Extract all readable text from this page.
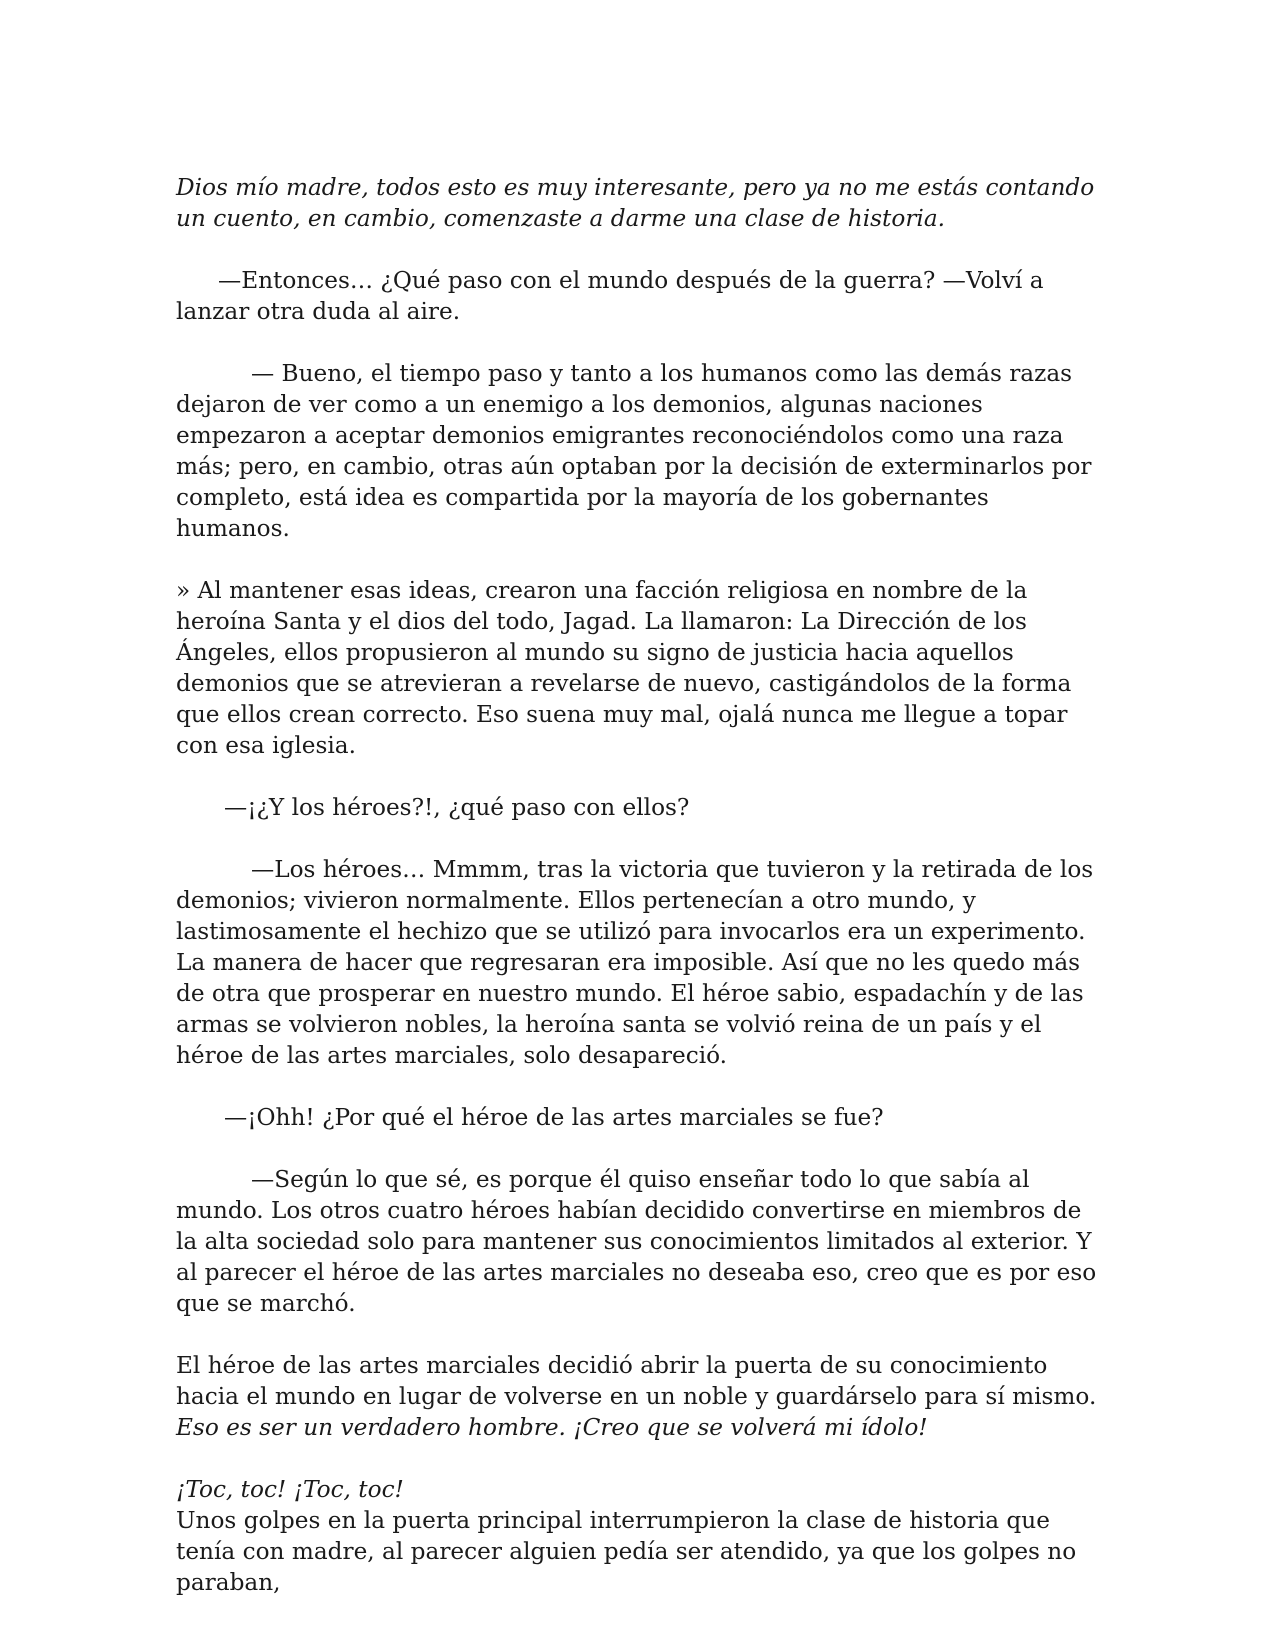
Dios mío madre, todos esto es muy interesante, pero ya no me estás contando un cuento, en cambio, comenzaste a darme una clase de historia.

—Entonces… ¿Qué paso con el mundo después de la guerra? —Volví a lanzar otra duda al aire.

— Bueno, el tiempo paso y tanto a los humanos como las demás razas dejaron de ver como a un enemigo a los demonios, algunas naciones empezaron a aceptar demonios emigrantes reconociéndolos como una raza más; pero, en cambio, otras aún optaban por la decisión de exterminarlos por completo, está idea es compartida por la mayoría de los gobernantes humanos.

» Al mantener esas ideas, crearon una facción religiosa en nombre de la heroína Santa y el dios del todo, Jagad. La llamaron: La Dirección de los Ángeles, ellos propusieron al mundo su signo de justicia hacia aquellos demonios que se atrevieran a revelarse de nuevo, castigándolos de la forma que ellos crean correcto. Eso suena muy mal, ojalá nunca me llegue a topar con esa iglesia.

—¡¿Y los héroes?!, ¿qué paso con ellos?

—Los héroes… Mmmm, tras la victoria que tuvieron y la retirada de los demonios; vivieron normalmente. Ellos pertenecían a otro mundo, y lastimosamente el hechizo que se utilizó para invocarlos era un experimento. La manera de hacer que regresaran era imposible. Así que no les quedo más de otra que prosperar en nuestro mundo. El héroe sabio, espadachín y de las armas se volvieron nobles, la heroína santa se volvió reina de un país y el héroe de las artes marciales, solo desapareció.

—¡Ohh! ¿Por qué el héroe de las artes marciales se fue?

—Según lo que sé, es porque él quiso enseñar todo lo que sabía al mundo. Los otros cuatro héroes habían decidido convertirse en miembros de la alta sociedad solo para mantener sus conocimientos limitados al exterior. Y al parecer el héroe de las artes marciales no deseaba eso, creo que es por eso que se marchó.

El héroe de las artes marciales decidió abrir la puerta de su conocimiento hacia el mundo en lugar de volverse en un noble y guardárselo para sí mismo. Eso es ser un verdadero hombre. ¡Creo que se volverá mi ídolo!

¡Toc, toc! ¡Toc, toc!

Unos golpes en la puerta principal interrumpieron la clase de historia que tenía con madre, al parecer alguien pedía ser atendido, ya que los golpes no paraban,
